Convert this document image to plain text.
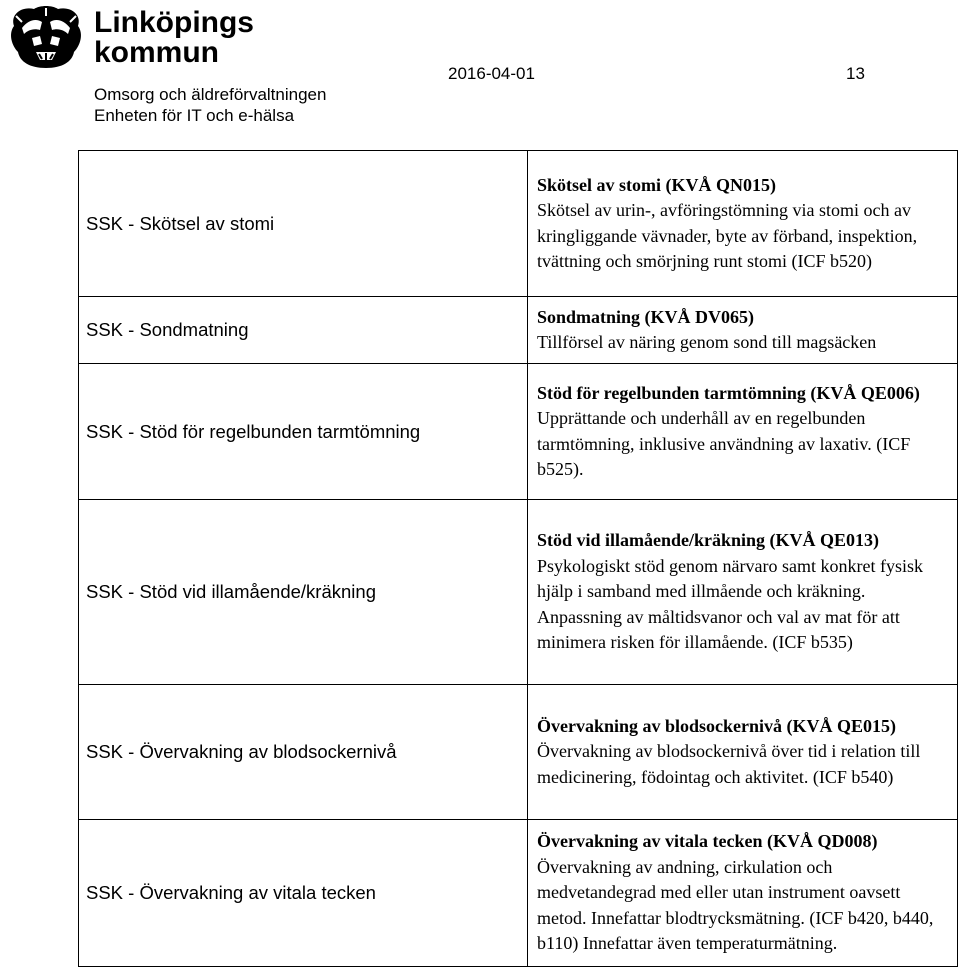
Linköpings
kommun
Omsorg och äldreförvaltningen
Enheten för IT och e-hälsa
2016-04-01	13
SSK - Skötsel av stomi	Skötsel av stomi (KVÅ QN015)
Skötsel av urin-, avföringstömning via stomi och av kringliggande vävnader, byte av förband, inspektion, tvättning och smörjning runt stomi (ICF b520)

SSK - Sondmatning	Sondmatning (KVÅ DV065)
Tillförsel av näring genom sond till magsäcken

SSK - Stöd för regelbunden tarmtömning	Stöd för regelbunden tarmtömning (KVÅ QE006)
Upprättande och underhåll av en regelbunden tarmtömning, inklusive användning av laxativ. (ICF b525).

SSK - Stöd vid illamående/kräkning	Stöd vid illamående/kräkning (KVÅ QE013)
Psykologiskt stöd genom närvaro samt konkret fysisk hjälp i samband med illmående och kräkning. Anpassning av måltidsvanor och val av mat för att minimera risken för illamående. (ICF b535)

SSK - Övervakning av blodsockernivå	Övervakning av blodsockernivå (KVÅ QE015)
Övervakning av blodsockernivå över tid i relation till medicinering, födointag och aktivitet. (ICF b540)

SSK - Övervakning av vitala tecken	Övervakning av vitala tecken (KVÅ QD008)
Övervakning av andning, cirkulation och medvetandegrad med eller utan instrument oavsett metod. Innefattar blodtrycksmätning. (ICF b420, b440, b110) Innefattar även temperaturmätning.
